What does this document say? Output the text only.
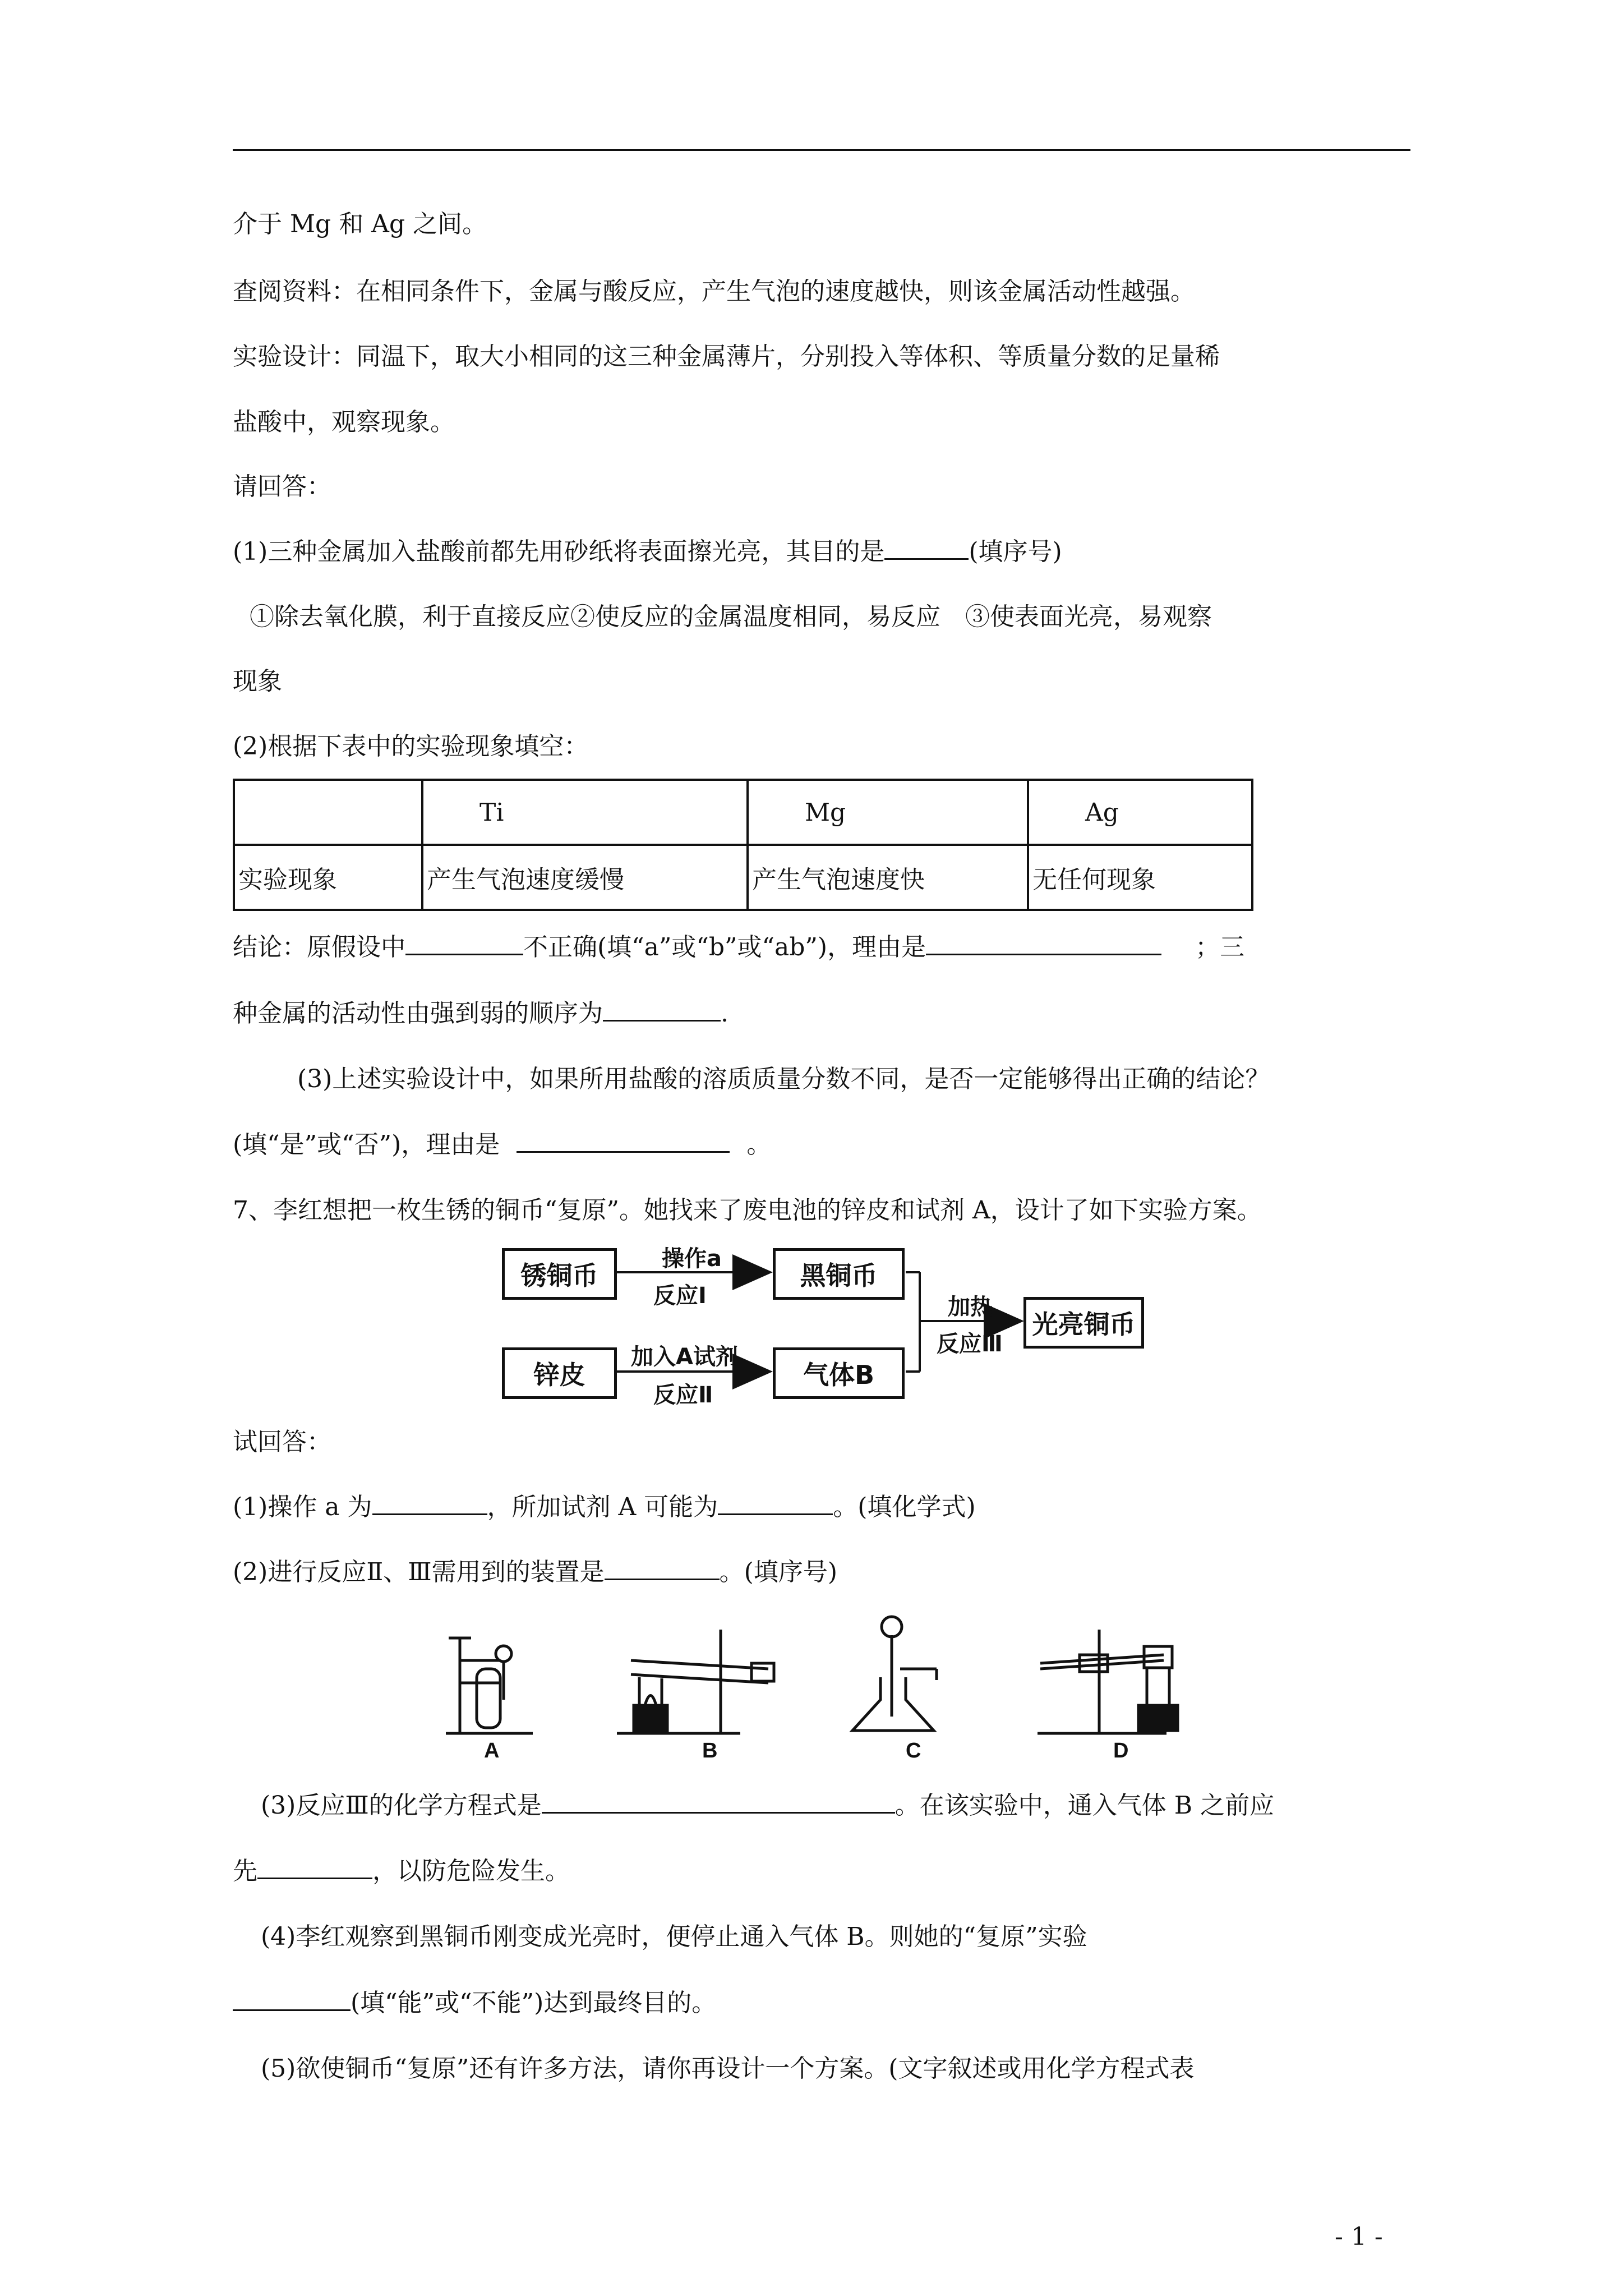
介于 Mg 和 Ag 之间。
查阅资料：在相同条件下，金属与酸反应，产生气泡的速度越快，则该金属活动性越强。
实验设计：同温下，取大小相同的这三种金属薄片，分别投入等体积、等质量分数的足量稀
盐酸中，观察现象。
请回答：
(1)三种金属加入盐酸前都先用砂纸将表面擦光亮，其目的是	(填序号)
①除去氧化膜，利于直接反应②使反应的金属温度相同，易反应　③使表面光亮，易观察
现象
(2)根据下表中的实验现象填空：
	Ti	Mg	Ag
实验现象	产生气泡速度缓慢	产生气泡速度快	无任何现象
结论：原假设中	不正确(填“a”或“b”或“ab”)，理由是	；三
种金属的活动性由强到弱的顺序为	.
(3)上述实验设计中，如果所用盐酸的溶质质量分数不同，是否一定能够得出正确的结论？
(填“是”或“否”)，理由是	。
7、李红想把一枚生锈的铜币“复原”。她找来了废电池的锌皮和试剂 A，设计了如下实验方案。
锈铜币	黑铜币
锌皮	气体B
光亮铜币
操作a
反应Ⅰ
加入A试剂
反应Ⅱ
加热
反应Ⅲ
试回答：
(1)操作 a 为	，所加试剂 A 可能为	。(填化学式)
(2)进行反应Ⅱ、Ⅲ需用到的装置是	。(填序号)
A	B	C	D
(3)反应Ⅲ的化学方程式是	。在该实验中，通入气体 B 之前应
先	，以防危险发生。
(4)李红观察到黑铜币刚变成光亮时，便停止通入气体 B。则她的“复原”实验
(填“能”或“不能”)达到最终目的。
(5)欲使铜币“复原”还有许多方法，请你再设计一个方案。(文字叙述或用化学方程式表
- 1 -
